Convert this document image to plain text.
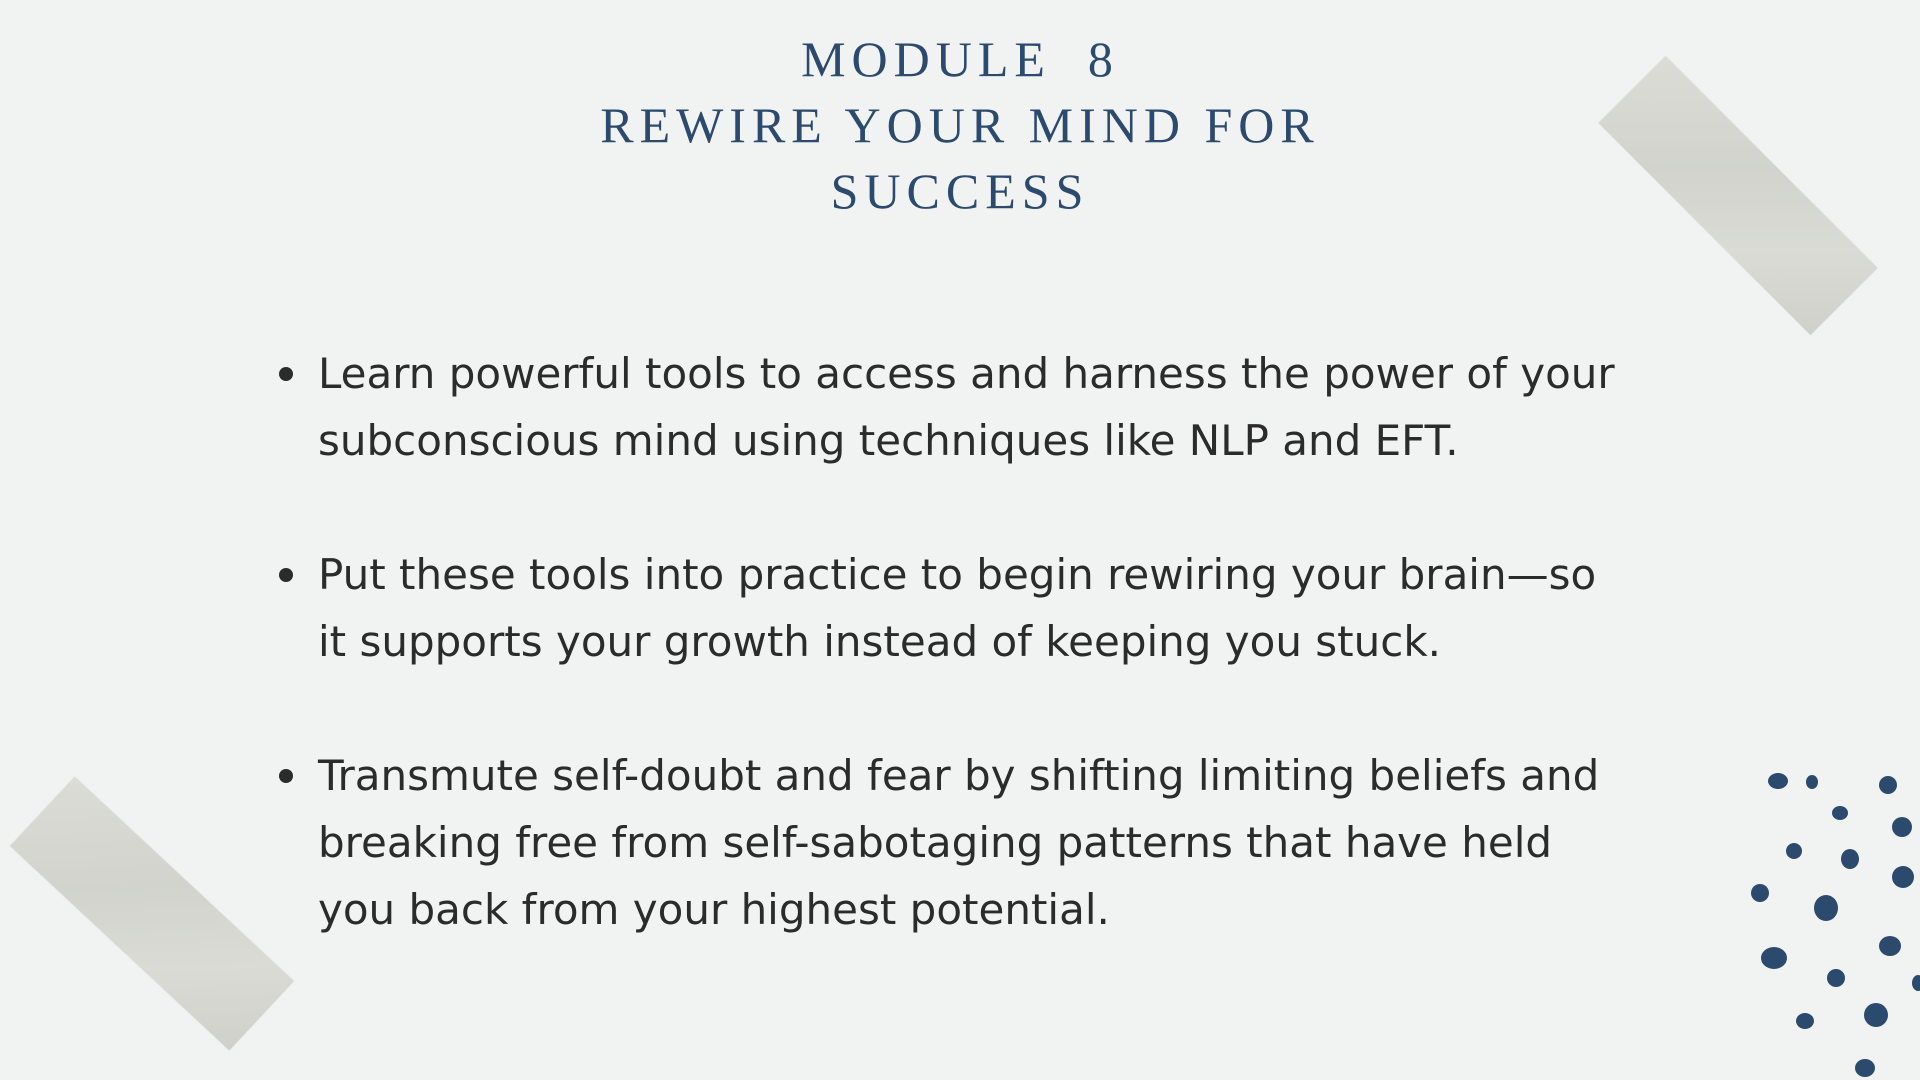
MODULE  8
REWIRE YOUR MIND FOR
SUCCESS
Learn powerful tools to access and harness the power of your
subconscious mind using techniques like NLP and EFT.
Put these tools into practice to begin rewiring your brain—so
it supports your growth instead of keeping you stuck.
Transmute self-doubt and fear by shifting limiting beliefs and
breaking free from self-sabotaging patterns that have held
you back from your highest potential.
